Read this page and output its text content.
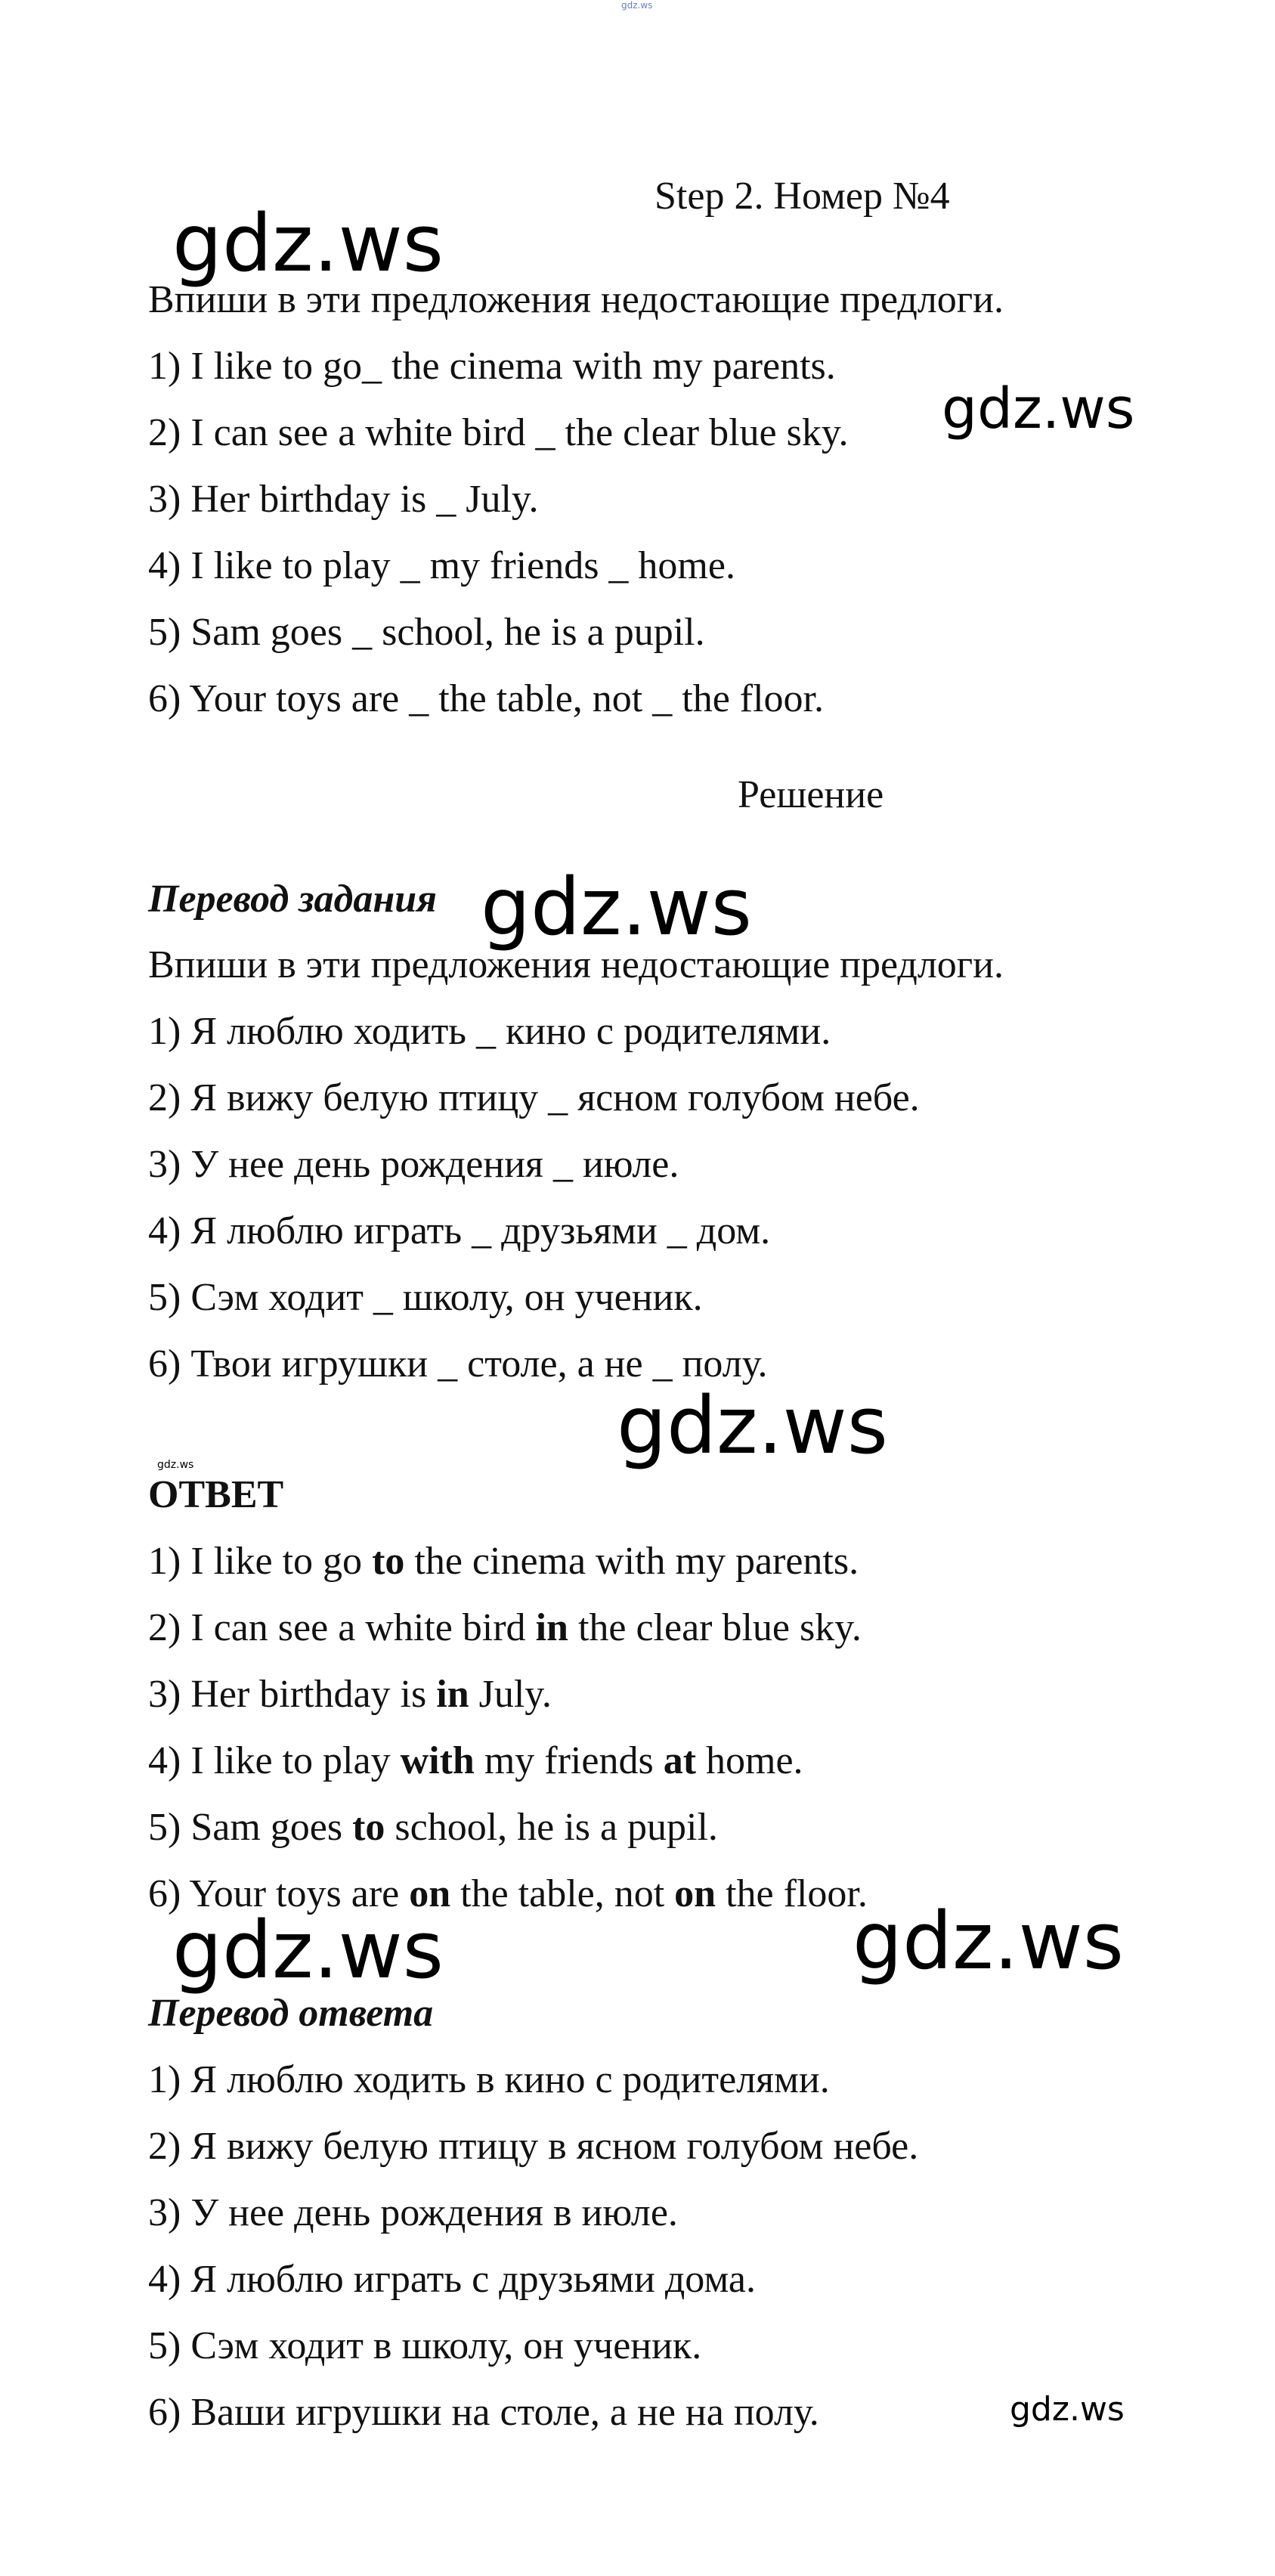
gdz.ws
Step 2. Номер №4
gdz.ws
Впиши в эти предложения недостающие предлоги.
1) I like to go_ the cinema with my parents.
2) I can see a white bird _ the clear blue sky. gdz.ws
3) Her birthday is _ July.
4) I like to play _ my friends _ home.
5) Sam goes _ school, he is a pupil.
6) Your toys are _ the table, not _ the floor.
Решение
Перевод задания gdz.ws
Впиши в эти предложения недостающие предлоги.
1) Я люблю ходить _ кино с родителями.
2) Я вижу белую птицу _ ясном голубом небе.
3) У нее день рождения _ июле.
4) Я люблю играть _ друзьями _ дом.
5) Сэм ходит _ школу, он ученик.
6) Твои игрушки _ столе, а не _ полу.
gdz.ws
gdz.ws
ОТВЕТ
1) I like to go to the cinema with my parents.
2) I can see a white bird in the clear blue sky.
3) Her birthday is in July.
4) I like to play with my friends at home.
5) Sam goes to school, he is a pupil.
6) Your toys are on the table, not on the floor.
gdz.ws	gdz.ws
Перевод ответа
1) Я люблю ходить в кино с родителями.
2) Я вижу белую птицу в ясном голубом небе.
3) У нее день рождения в июле.
4) Я люблю играть с друзьями дома.
5) Сэм ходит в школу, он ученик.
6) Ваши игрушки на столе, а не на полу.	gdz.ws
